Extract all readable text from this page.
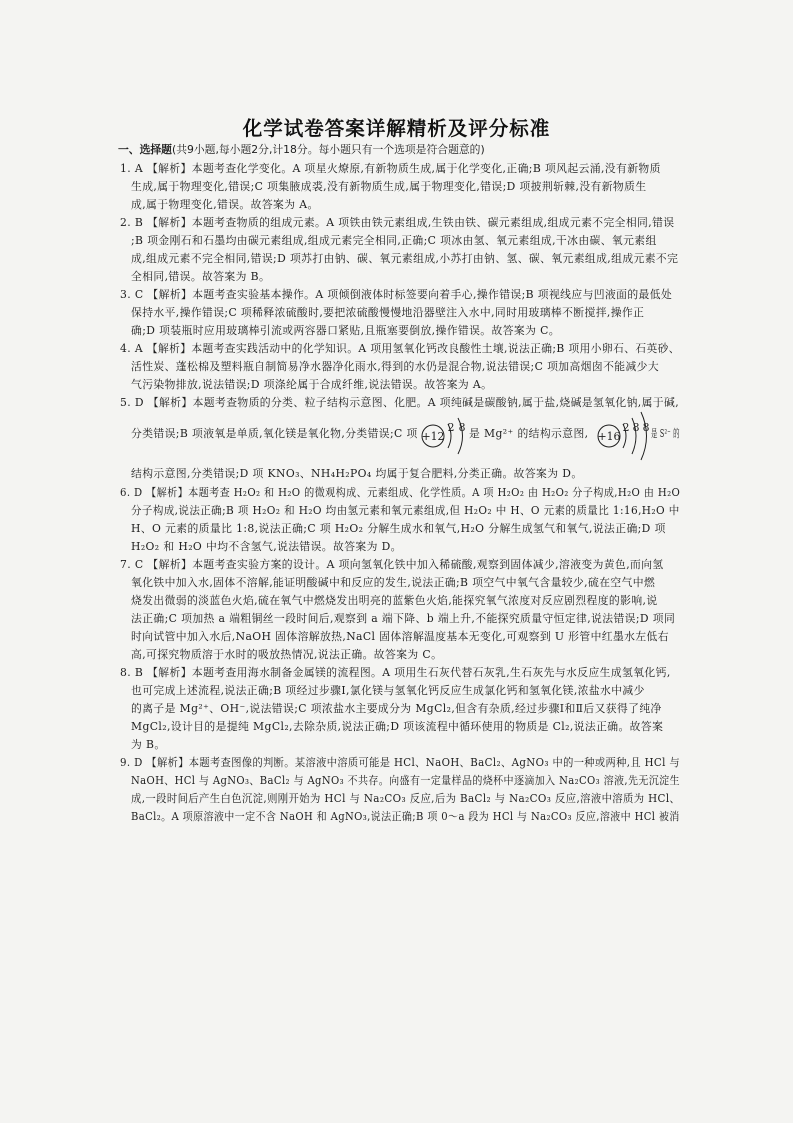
化学试卷答案详解精析及评分标准
一、选择题(共9小题,每小题2分,计18分。每小题只有一个选项是符合题意的)
1. A 【解析】本题考查化学变化。A 项星火燎原,有新物质生成,属于化学变化,正确;B 项风起云涌,没有新物质
生成,属于物理变化,错误;C 项集腋成裘,没有新物质生成,属于物理变化,错误;D 项披荆斩棘,没有新物质生
成,属于物理变化,错误。故答案为 A。
2. B 【解析】本题考查物质的组成元素。A 项铁由铁元素组成,生铁由铁、碳元素组成,组成元素不完全相同,错误
;B 项金刚石和石墨均由碳元素组成,组成元素完全相同,正确;C 项冰由氢、氧元素组成,干冰由碳、氧元素组
成,组成元素不完全相同,错误;D 项苏打由钠、碳、氧元素组成,小苏打由钠、氢、碳、氧元素组成,组成元素不完
全相同,错误。故答案为 B。
3. C 【解析】本题考查实验基本操作。A 项倾倒液体时标签要向着手心,操作错误;B 项视线应与凹液面的最低处
保持水平,操作错误;C 项稀释浓硫酸时,要把浓硫酸慢慢地沿器壁注入水中,同时用玻璃棒不断搅拌,操作正
确;D 项装瓶时应用玻璃棒引流或两容器口紧贴,且瓶塞要倒放,操作错误。故答案为 C。
4. A 【解析】本题考查实践活动中的化学知识。A 项用氢氧化钙改良酸性土壤,说法正确;B 项用小卵石、石英砂、
活性炭、蓬松棉及塑料瓶自制简易净水器净化雨水,得到的水仍是混合物,说法错误;C 项加高烟囱不能减少大
气污染物排放,说法错误;D 项涤纶属于合成纤维,说法错误。故答案为 A。
5. D 【解析】本题考查物质的分类、粒子结构示意图、化肥。A 项纯碱是碳酸钠,属于盐,烧碱是氢氧化钠,属于碱,
分类错误;B 项液氧是单质,氧化镁是氧化物,分类错误;C 项	是 Mg²⁺ 的结构示意图,	是 S²⁻ 的
结构示意图,分类错误;D 项 KNO₃、NH₄H₂PO₄ 均属于复合肥料,分类正确。故答案为 D。
6. D 【解析】本题考查 H₂O₂ 和 H₂O 的微观构成、元素组成、化学性质。A 项 H₂O₂ 由 H₂O₂ 分子构成,H₂O 由 H₂O
分子构成,说法正确;B 项 H₂O₂ 和 H₂O 均由氢元素和氧元素组成,但 H₂O₂ 中 H、O 元素的质量比 1:16,H₂O 中
H、O 元素的质量比 1:8,说法正确;C 项 H₂O₂ 分解生成水和氧气,H₂O 分解生成氢气和氧气,说法正确;D 项
H₂O₂ 和 H₂O 中均不含氢气,说法错误。故答案为 D。
7. C 【解析】本题考查实验方案的设计。A 项向氢氧化铁中加入稀硫酸,观察到固体减少,溶液变为黄色,而向氢
氧化铁中加入水,固体不溶解,能证明酸碱中和反应的发生,说法正确;B 项空气中氧气含量较少,硫在空气中燃
烧发出微弱的淡蓝色火焰,硫在氧气中燃烧发出明亮的蓝紫色火焰,能探究氧气浓度对反应剧烈程度的影响,说
法正确;C 项加热 a 端粗铜丝一段时间后,观察到 a 端下降、b 端上升,不能探究质量守恒定律,说法错误;D 项同
时向试管中加入水后,NaOH 固体溶解放热,NaCl 固体溶解温度基本无变化,可观察到 U 形管中红墨水左低右
高,可探究物质溶于水时的吸放热情况,说法正确。故答案为 C。
8. B 【解析】本题考查用海水制备金属镁的流程图。A 项用生石灰代替石灰乳,生石灰先与水反应生成氢氧化钙,
也可完成上述流程,说法正确;B 项经过步骤Ⅰ,氯化镁与氢氧化钙反应生成氯化钙和氢氧化镁,浓盐水中减少
的离子是 Mg²⁺、OH⁻,说法错误;C 项浓盐水主要成分为 MgCl₂,但含有杂质,经过步骤Ⅰ和Ⅱ后又获得了纯净
MgCl₂,设计目的是提纯 MgCl₂,去除杂质,说法正确;D 项该流程中循环使用的物质是 Cl₂,说法正确。故答案
为 B。
9. D 【解析】本题考查图像的判断。某溶液中溶质可能是 HCl、NaOH、BaCl₂、AgNO₃ 中的一种或两种,且 HCl 与
NaOH、HCl 与 AgNO₃、BaCl₂ 与 AgNO₃ 不共存。向盛有一定量样品的烧杯中逐滴加入 Na₂CO₃ 溶液,先无沉淀生
成,一段时间后产生白色沉淀,则刚开始为 HCl 与 Na₂CO₃ 反应,后为 BaCl₂ 与 Na₂CO₃ 反应,溶液中溶质为 HCl、
BaCl₂。A 项原溶液中一定不含 NaOH 和 AgNO₃,说法正确;B 项 0～a 段为 HCl 与 Na₂CO₃ 反应,溶液中 HCl 被消
+12
2 8
+16
2 8 8
